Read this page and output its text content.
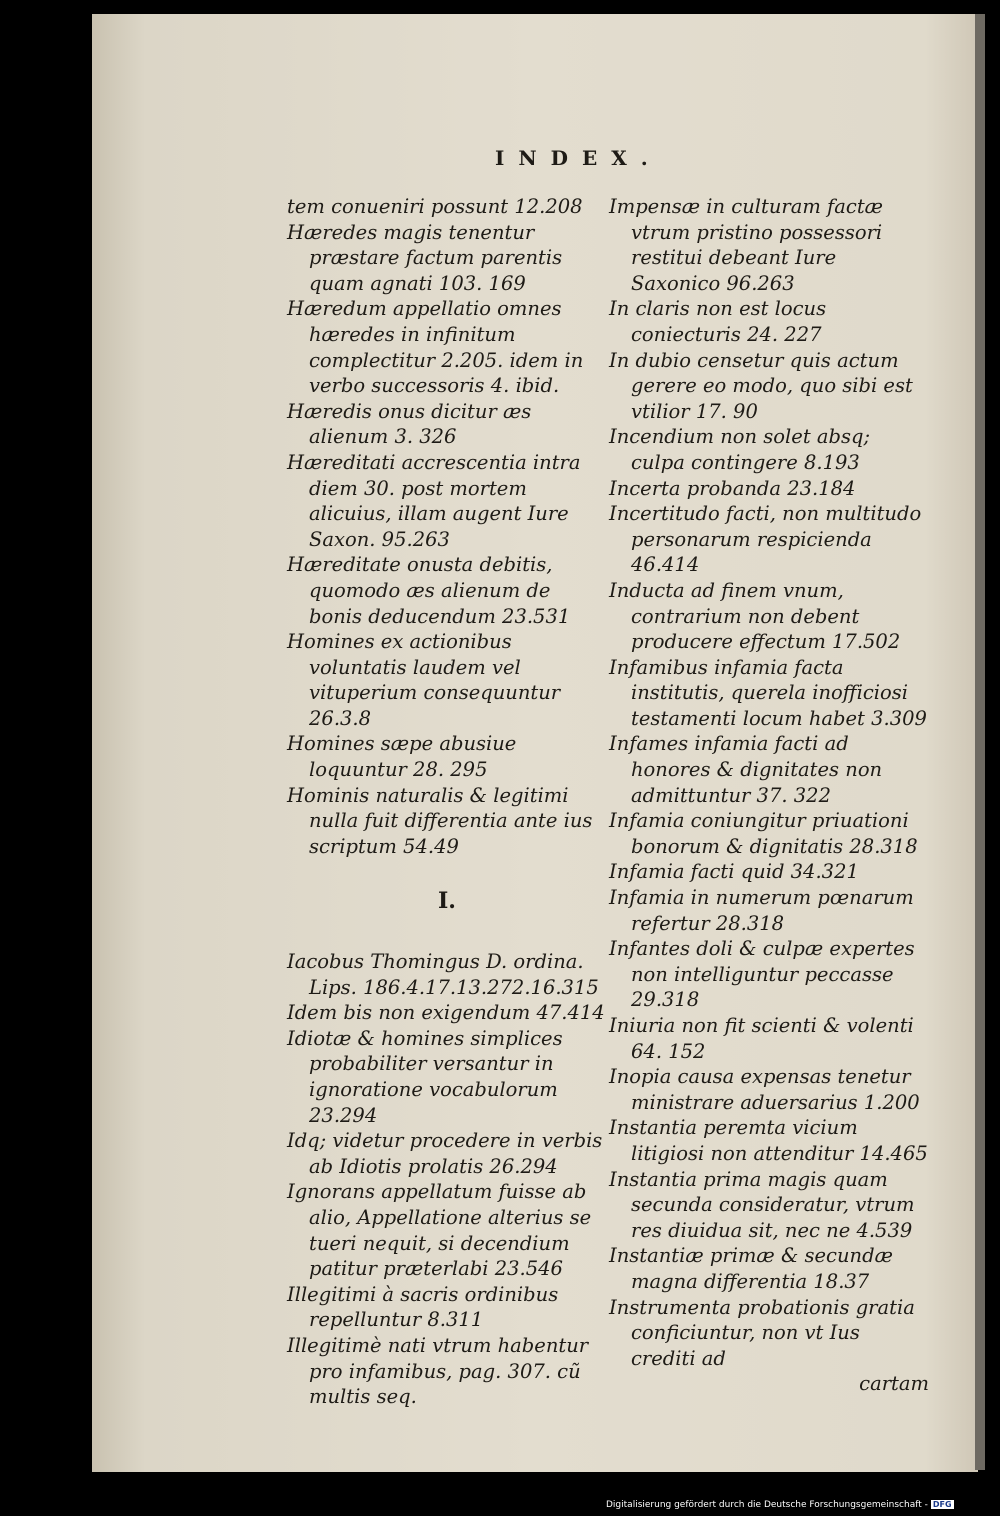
INDEX.

tem conueniri possunt 12.208

Hæredes magis tenentur præstare factum parentis quam agnati 103. 169

Hæredum appellatio omnes hæredes in infinitum complectitur 2.205. idem in verbo successoris 4. ibid.

Hæredis onus dicitur æs alienum 3. 326

Hæreditati accrescentia intra diem 30. post mortem alicuius, illam augent Iure Saxon. 95.263

Hæreditate onusta debitis, quomodo æs alienum de bonis deducendum 23.531

Homines ex actionibus voluntatis laudem vel vituperium consequuntur 26.3.8

Homines sæpe abusiue loquuntur 28. 295

Hominis naturalis & legitimi nulla fuit differentia ante ius scriptum 54.49

I.

Iacobus Thomingus D. ordina. Lips. 186.4.17.13.272.16.315

Idem bis non exigendum 47.414

Idiotæ & homines simplices probabiliter versantur in ignoratione vocabulorum 23.294

Idq; videtur procedere in verbis ab Idiotis prolatis 26.294

Ignorans appellatum fuisse ab alio, Appellatione alterius se tueri nequit, si decendium patitur præterlabi 23.546

Illegitimi à sacris ordinibus repelluntur 8.311

Illegitimè nati vtrum habentur pro infamibus, pag. 307. cũ multis seq.

Impensæ in culturam factæ vtrum pristino possessori restitui debeant Iure Saxonico 96.263

In claris non est locus coniecturis 24. 227

In dubio censetur quis actum gerere eo modo, quo sibi est vtilior 17. 90

Incendium non solet absq; culpa contingere 8.193

Incerta probanda 23.184

Incertitudo facti, non multitudo personarum respicienda 46.414

Inducta ad finem vnum, contrarium non debent producere effectum 17.502

Infamibus infamia facta institutis, querela inofficiosi testamenti locum habet 3.309

Infames infamia facti ad honores & dignitates non admittuntur 37. 322

Infamia coniungitur priuationi bonorum & dignitatis 28.318

Infamia facti quid 34.321

Infamia in numerum pœnarum refertur 28.318

Infantes doli & culpæ expertes non intelliguntur peccasse 29.318

Iniuria non fit scienti & volenti 64. 152

Inopia causa expensas tenetur ministrare aduersarius 1.200

Instantia peremta vicium litigiosi non attenditur 14.465

Instantia prima magis quam secunda consideratur, vtrum res diuidua sit, nec ne 4.539

Instantiæ primæ & secundæ magna differentia 18.37

Instrumenta probationis gratia conficiuntur, non vt Ius crediti ad

cartam
Digitalisierung gefördert durch die Deutsche Forschungsgemeinschaft - DFG
